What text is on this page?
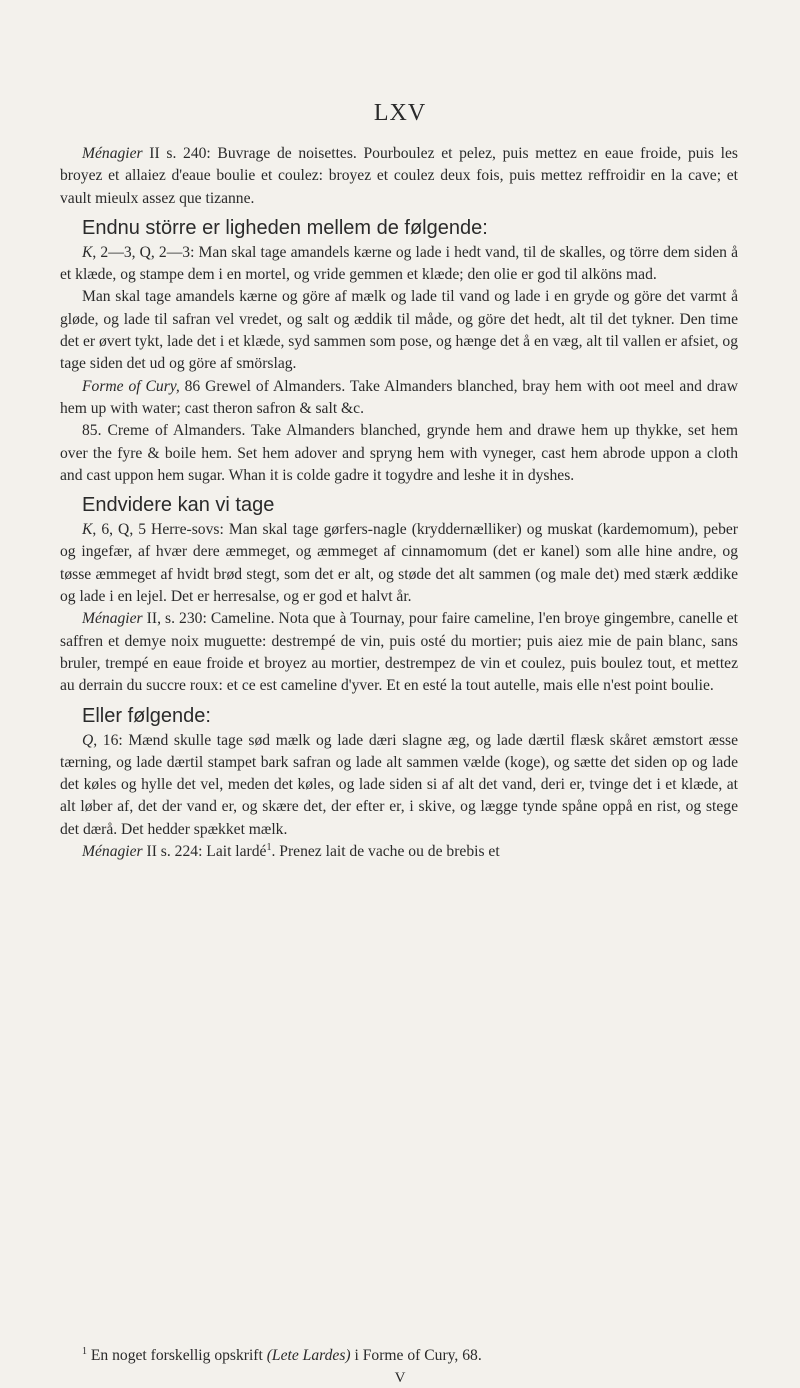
LXV

Ménagier II s. 240: Buvrage de noisettes. Pourboulez et pelez, puis mettez en eaue froide, puis les broyez et allaiez d'eaue boulie et coulez: broyez et coulez deux fois, puis mettez reffroidir en la cave; et vault mieulx assez que tizanne.

Endnu större er ligheden mellem de følgende:

K, 2—3, Q, 2—3: Man skal tage amandels kærne og lade i hedt vand, til de skalles, og törre dem siden å et klæde, og stampe dem i en mortel, og vride gemmen et klæde; den olie er god til alköns mad.

Man skal tage amandels kærne og göre af mælk og lade til vand og lade i en gryde og göre det varmt å gløde, og lade til safran vel vredet, og salt og æddik til måde, og göre det hedt, alt til det tykner. Den time det er øvert tykt, lade det i et klæde, syd sammen som pose, og hænge det å en væg, alt til vallen er afsiet, og tage siden det ud og göre af smörslag.

Forme of Cury, 86 Grewel of Almanders. Take Almanders blanched, bray hem with oot meel and draw hem up with water; cast theron safron & salt &c.

85. Creme of Almanders. Take Almanders blanched, grynde hem and drawe hem up thykke, set hem over the fyre & boile hem. Set hem adover and spryng hem with vyneger, cast hem abrode uppon a cloth and cast uppon hem sugar. Whan it is colde gadre it togydre and leshe it in dyshes.

Endvidere kan vi tage

K, 6, Q, 5 Herre-sovs: Man skal tage gørfers-nagle (kryddernælliker) og muskat (kardemomum), peber og ingefær, af hvær dere æmmeget, og æmmeget af cinnamomum (det er kanel) som alle hine andre, og tøsse æmmeget af hvidt brød stegt, som det er alt, og støde det alt sammen (og male det) med stærk æddike og lade i en lejel. Det er herresalse, og er god et halvt år.

Ménagier II, s. 230: Cameline. Nota que à Tournay, pour faire cameline, l'en broye gingembre, canelle et saffren et demye noix muguette: destrempé de vin, puis osté du mortier; puis aiez mie de pain blanc, sans bruler, trempé en eaue froide et broyez au mortier, destrempez de vin et coulez, puis boulez tout, et mettez au derrain du succre roux: et ce est cameline d'yver. Et en esté la tout autelle, mais elle n'est point boulie.

Eller følgende:

Q, 16: Mænd skulle tage sød mælk og lade dæri slagne æg, og lade dærtil flæsk skåret æmstort æsse tærning, og lade dærtil stampet bark safran og lade alt sammen vælde (koge), og sætte det siden op og lade det køles og hylle det vel, meden det køles, og lade siden si af alt det vand, deri er, tvinge det i et klæde, at alt løber af, det der vand er, og skære det, der efter er, i skive, og lægge tynde spåne oppå en rist, og stege det dærå. Det hedder spækket mælk.

Ménagier II s. 224: Lait lardé$^1$. Prenez lait de vache ou de brebis et

$^1$ En noget forskellig opskrift (Lete Lardes) i Forme of Cury, 68.
V
